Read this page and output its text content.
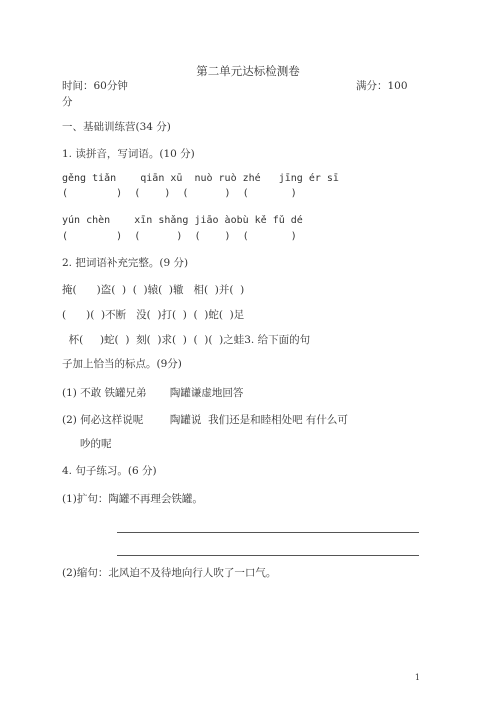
第二单元达标检测卷
时间：60分钟	满分：100
分
一、基础训练营(34 分)
1. 读拼音，写词语。(10 分)
gěng tiǎn    qiān xū  nuò ruò zhé   jīng ér sī
(        )  (    )  (      )  (       )
yún chèn    xīn shǎng jiāo àobù kě fǔ dé
(        )  (      )  (    )  (       )
2. 把词语补充完整。(9 分)
掩(      )盗(  )  (  )辕(  )辙   相(  )并(  )
(      )(  )不断   没(  )打(  )  (  )蛇(  )足
杯(     )蛇(  )  刻(  )求(  )  (  )(  )之蛙3. 给下面的句
子加上恰当的标点。(9分)
(1) 不敢 铁罐兄弟       陶罐谦虚地回答
(2) 何必这样说呢        陶罐说  我们还是和睦相处吧 有什么可
吵的呢
4. 句子练习。(6 分)
(1)扩句：陶罐不再理会铁罐。
(2)缩句：北风迫不及待地向行人吹了一口气。
1
